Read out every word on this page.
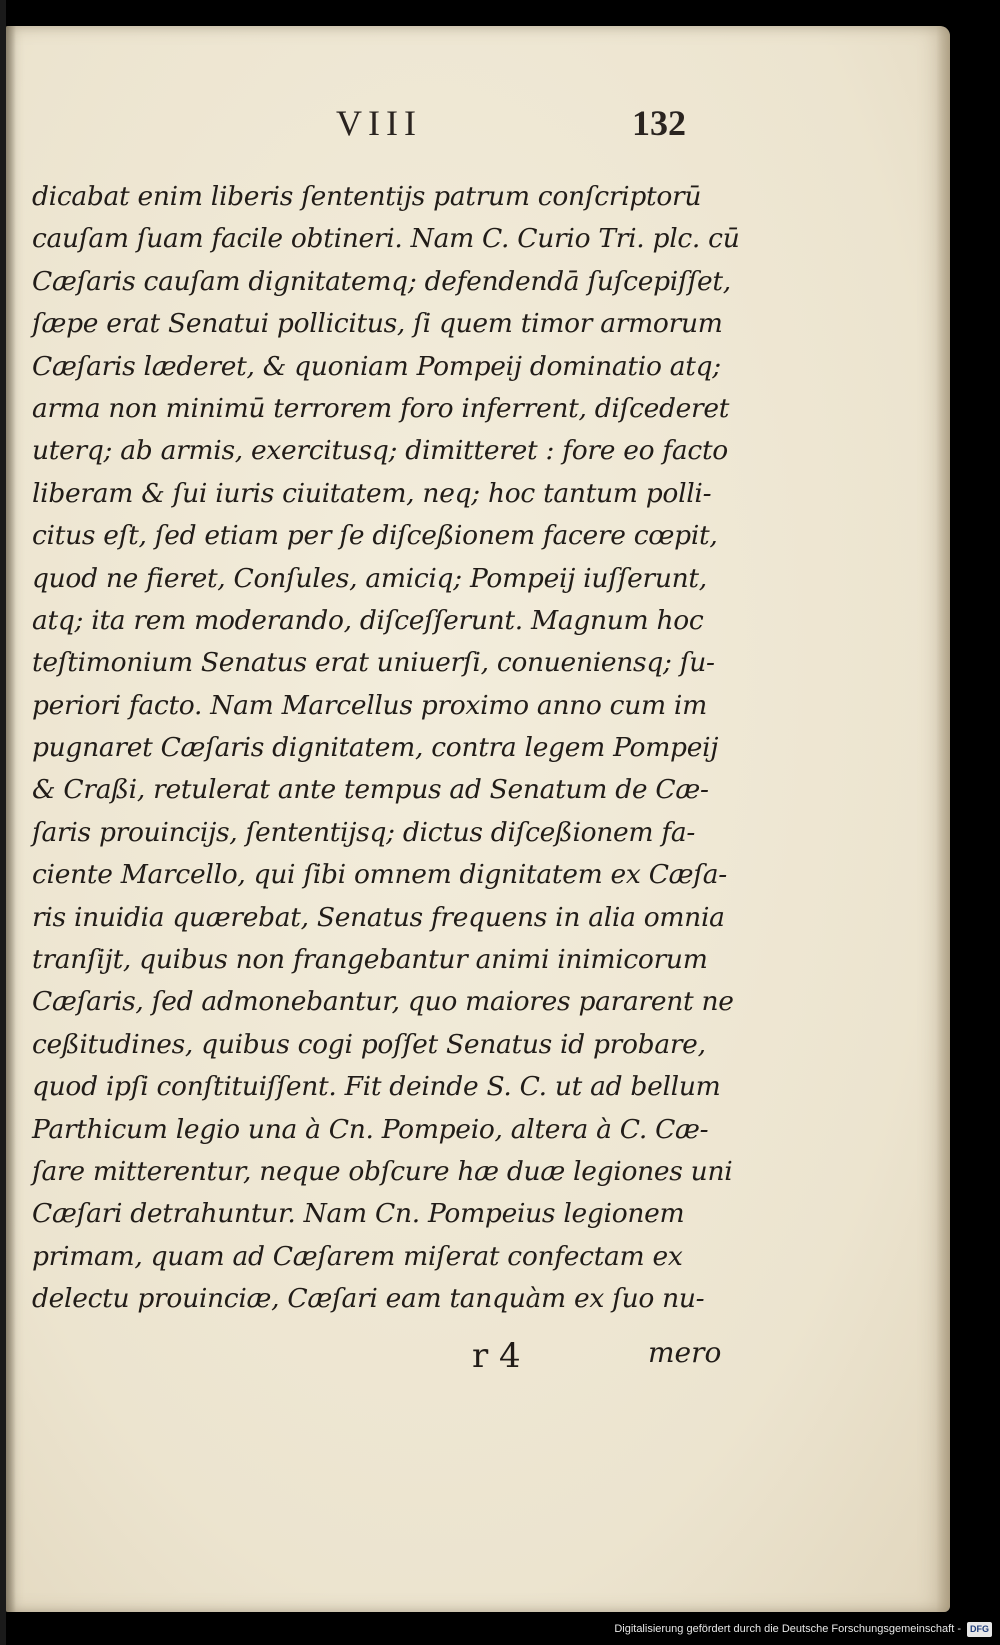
VIII	132
dicabat enim liberis ſententijs patrum conſcriptorū
cauſam ſuam facile obtineri. Nam C. Curio Tri. plc. cū
Cæſaris cauſam dignitatemq; defendendā ſuſcepiſſet,
ſæpe erat Senatui pollicitus, ſi quem timor armorum
Cæſaris læderet, & quoniam Pompeij dominatio atq;
arma non minimū terrorem foro inferrent, diſcederet
uterq; ab armis, exercitusq; dimitteret : fore eo facto
liberam & ſui iuris ciuitatem, neq; hoc tantum polli-
citus eſt, ſed etiam per ſe diſceßionem facere cœpit,
quod ne fieret, Conſules, amiciq; Pompeij iuſſerunt,
atq; ita rem moderando, diſceſſerunt. Magnum hoc
teſtimonium Senatus erat uniuerſi, conueniensq; ſu-
periori facto. Nam Marcellus proximo anno cum im
pugnaret Cæſaris dignitatem, contra legem Pompeij
& Craßi, retulerat ante tempus ad Senatum de Cæ-
ſaris prouincijs, ſententijsq; dictus diſceßionem fa-
ciente Marcello, qui ſibi omnem dignitatem ex Cæſa-
ris inuidia quærebat, Senatus frequens in alia omnia
tranſijt, quibus non frangebantur animi inimicorum
Cæſaris, ſed admonebantur, quo maiores pararent ne
ceßitudines, quibus cogi poſſet Senatus id probare,
quod ipſi conſtituiſſent. Fit deinde S. C. ut ad bellum
Parthicum legio una à Cn. Pompeio, altera à C. Cæ-
ſare mitterentur, neque obſcure hæ duæ legiones uni
Cæſari detrahuntur. Nam Cn. Pompeius legionem
primam, quam ad Cæſarem miſerat confectam ex
delectu prouinciæ, Cæſari eam tanquàm ex ſuo nu-
r 4	mero
Digitalisierung gefördert durch die Deutsche Forschungsgemeinschaft - DFG
